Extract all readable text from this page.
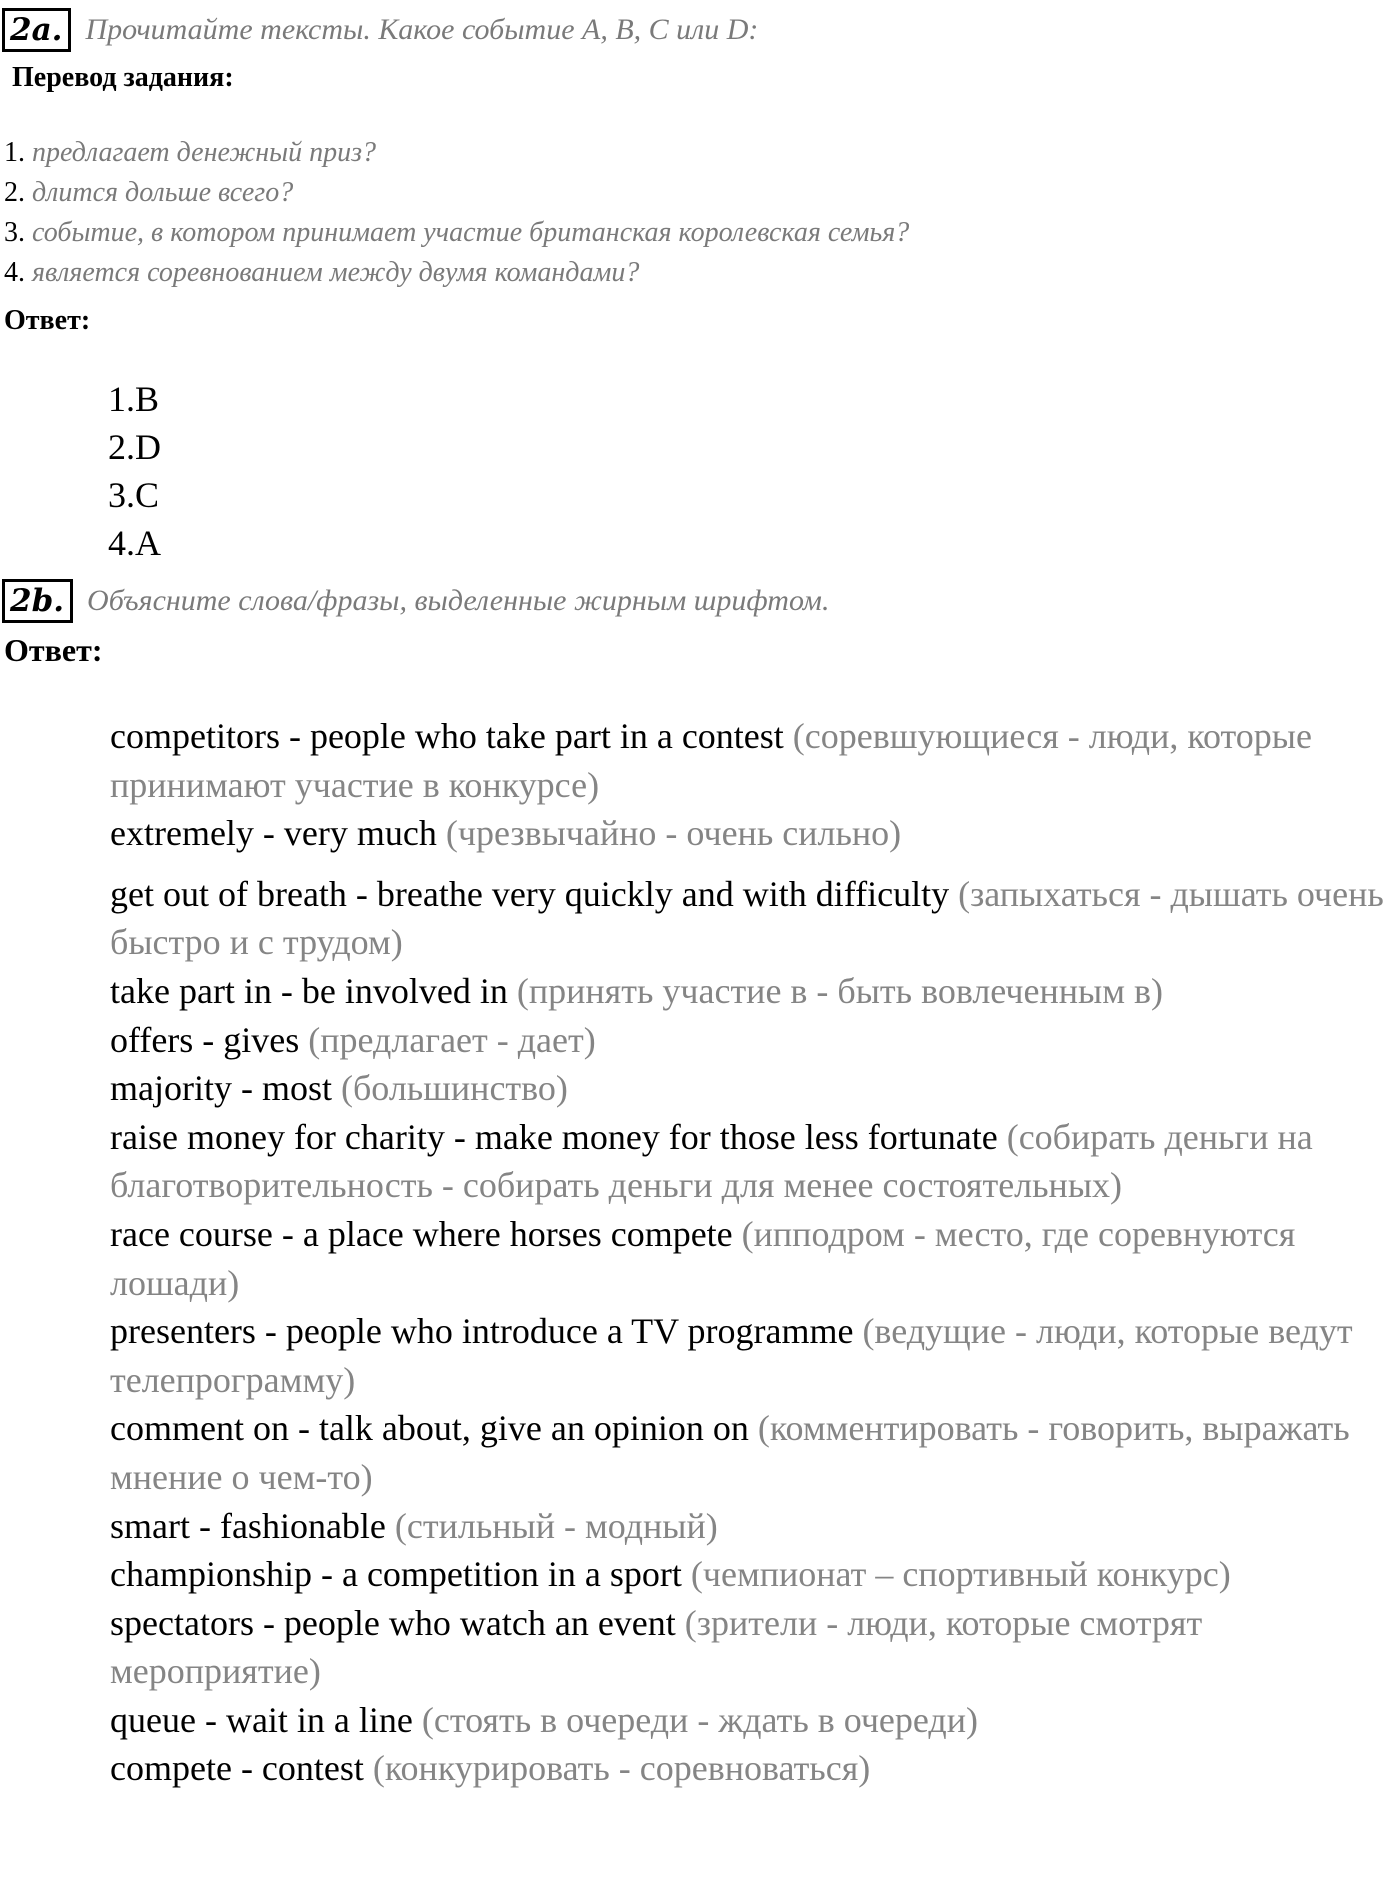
2a. Прочитайте тексты. Какое событие А, В, С или D:
Перевод задания:
1. предлагает денежный приз?
2. длится дольше всего?
3. событие, в котором принимает участие британская королевская семья?
4. является соревнованием между двумя командами?
Ответ:
1.B
2.D
3.C
4.A
2b. Объясните слова/фразы, выделенные жирным шрифтом.
Ответ:

competitors - people who take part in a contest (соревшующиеся - люди, которые принимают участие в конкурсе)

extremely - very much (чрезвычайно - очень сильно)

get out of breath - breathe very quickly and with difficulty (запыхаться - дышать очень быстро и с трудом)

take part in - be involved in (принять участие в - быть вовлеченным в)

offers - gives (предлагает - дает)

majority - most (большинство)

raise money for charity - make money for those less fortunate (собирать деньги на благотворительность - собирать деньги для менее состоятельных)

race course - a place where horses compete (ипподром - место, где соревнуются лошади)

presenters - people who introduce a TV programme (ведущие - люди, которые ведут телепрограмму)

comment on - talk about, give an opinion on (комментировать - говорить, выражать мнение о чем-то)

smart - fashionable (стильный - модный)

championship - a competition in a sport (чемпионат – спортивный конкурс)

spectators - people who watch an event (зрители - люди, которые смотрят мероприятие)

queue - wait in a line (стоять в очереди - ждать в очереди)

compete - contest (конкурировать - соревноваться)
